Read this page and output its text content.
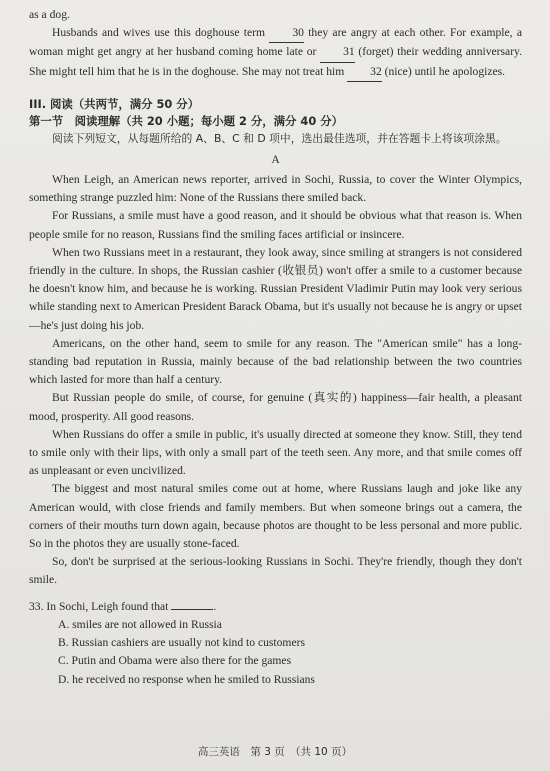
as a dog.

Husbands and wives use this doghouse term 30 they are angry at each other. For example, a woman might get angry at her husband coming home late or 31 (forget) their wedding anniversary. She might tell him that he is in the doghouse. She may not treat him 32 (nice) until he apologizes.

III. 阅读（共两节，满分 50 分）
第一节　阅读理解（共 20 小题；每小题 2 分，满分 40 分）

阅读下列短文，从每题所给的 A、B、C 和 D 项中，选出最佳选项，并在答题卡上将该项涂黑。

A

When Leigh, an American news reporter, arrived in Sochi, Russia, to cover the Winter Olympics, something strange puzzled him: None of the Russians there smiled back.

For Russians, a smile must have a good reason, and it should be obvious what that reason is. When people smile for no reason, Russians find the smiling faces artificial or insincere.

When two Russians meet in a restaurant, they look away, since smiling at strangers is not considered friendly in the culture. In shops, the Russian cashier (收银员) won't offer a smile to a customer because he doesn't know him, and because he is working. Russian President Vladimir Putin may look very serious while standing next to American President Barack Obama, but it's usually not because he is angry or upset—he's just doing his job.

Americans, on the other hand, seem to smile for any reason. The "American smile" has a long-standing bad reputation in Russia, mainly because of the bad relationship between the two countries which lasted for more than half a century.

But Russian people do smile, of course, for genuine (真实的) happiness—fair health, a pleasant mood, prosperity. All good reasons.

When Russians do offer a smile in public, it's usually directed at someone they know. Still, they tend to smile only with their lips, with only a small part of the teeth seen. Any more, and that smile comes off as unpleasant or even uncivilized.

The biggest and most natural smiles come out at home, where Russians laugh and joke like any American would, with close friends and family members. But when someone brings out a camera, the corners of their mouths turn down again, because photos are thought to be less personal and more public. So in the photos they are usually stone-faced.

So, don't be surprised at the serious-looking Russians in Sochi. They're friendly, though they don't smile.

33. In Sochi, Leigh found that	.

A. smiles are not allowed in Russia

B. Russian cashiers are usually not kind to customers

C. Putin and Obama were also there for the games

D. he received no response when he smiled to Russians

高三英语　第 3 页　（共 10 页）
